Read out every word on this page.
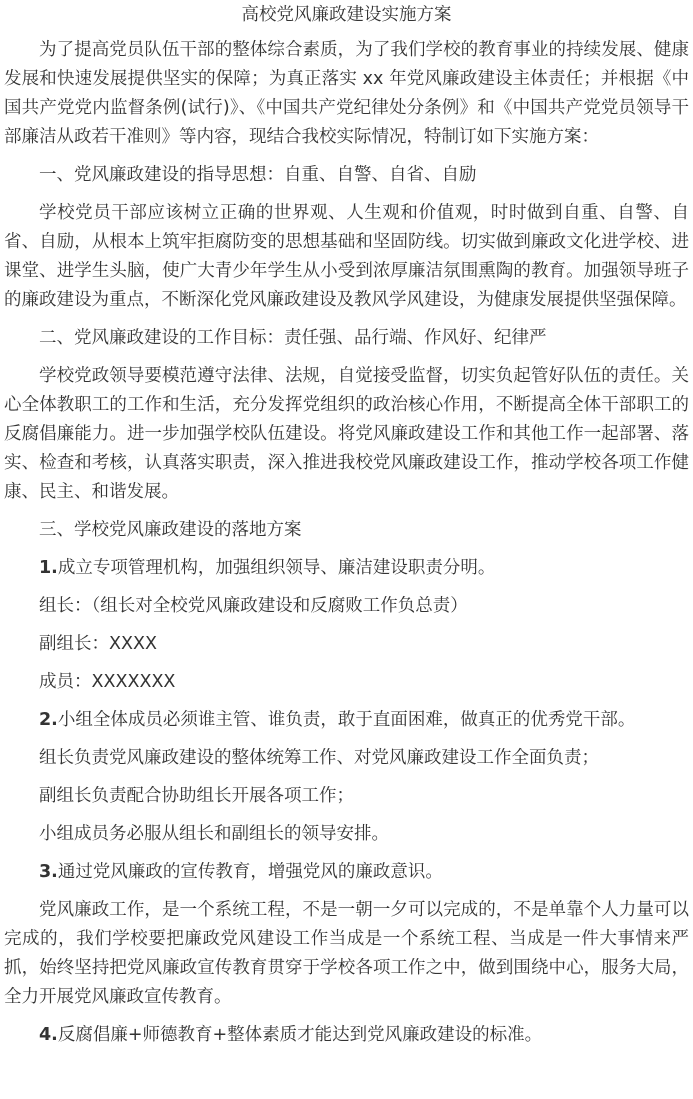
高校党风廉政建设实施方案

为了提高党员队伍干部的整体综合素质，为了我们学校的教育事业的持续发展、健康发展和快速发展提供坚实的保障；为真正落实 xx 年党风廉政建设主体责任；并根据《中国共产党党内监督条例(试行)》、《中国共产党纪律处分条例》和《中国共产党党员领导干部廉洁从政若干准则》等内容，现结合我校实际情况，特制订如下实施方案：

一、党风廉政建设的指导思想：自重、自警、自省、自励

学校党员干部应该树立正确的世界观、人生观和价值观，时时做到自重、自警、自省、自励，从根本上筑牢拒腐防变的思想基础和坚固防线。切实做到廉政文化进学校、进课堂、进学生头脑，使广大青少年学生从小受到浓厚廉洁氛围熏陶的教育。加强领导班子的廉政建设为重点，不断深化党风廉政建设及教风学风建设，为健康发展提供坚强保障。

二、党风廉政建设的工作目标：责任强、品行端、作风好、纪律严

学校党政领导要模范遵守法律、法规，自觉接受监督，切实负起管好队伍的责任。关心全体教职工的工作和生活，充分发挥党组织的政治核心作用，不断提高全体干部职工的反腐倡廉能力。进一步加强学校队伍建设。将党风廉政建设工作和其他工作一起部署、落实、检查和考核，认真落实职责，深入推进我校党风廉政建设工作，推动学校各项工作健康、民主、和谐发展。

三、学校党风廉政建设的落地方案

1.成立专项管理机构，加强组织领导、廉洁建设职责分明。

组长：（组长对全校党风廉政建设和反腐败工作负总责）

副组长：XXXX

成员：XXXXXXX

2.小组全体成员必须谁主管、谁负责，敢于直面困难，做真正的优秀党干部。

组长负责党风廉政建设的整体统筹工作、对党风廉政建设工作全面负责；

副组长负责配合协助组长开展各项工作；

小组成员务必服从组长和副组长的领导安排。

3.通过党风廉政的宣传教育，增强党风的廉政意识。

党风廉政工作，是一个系统工程，不是一朝一夕可以完成的，不是单靠个人力量可以完成的，我们学校要把廉政党风建设工作当成是一个系统工程、当成是一件大事情来严抓，始终坚持把党风廉政宣传教育贯穿于学校各项工作之中，做到围绕中心，服务大局，全力开展党风廉政宣传教育。

4.反腐倡廉+师德教育+整体素质才能达到党风廉政建设的标准。
